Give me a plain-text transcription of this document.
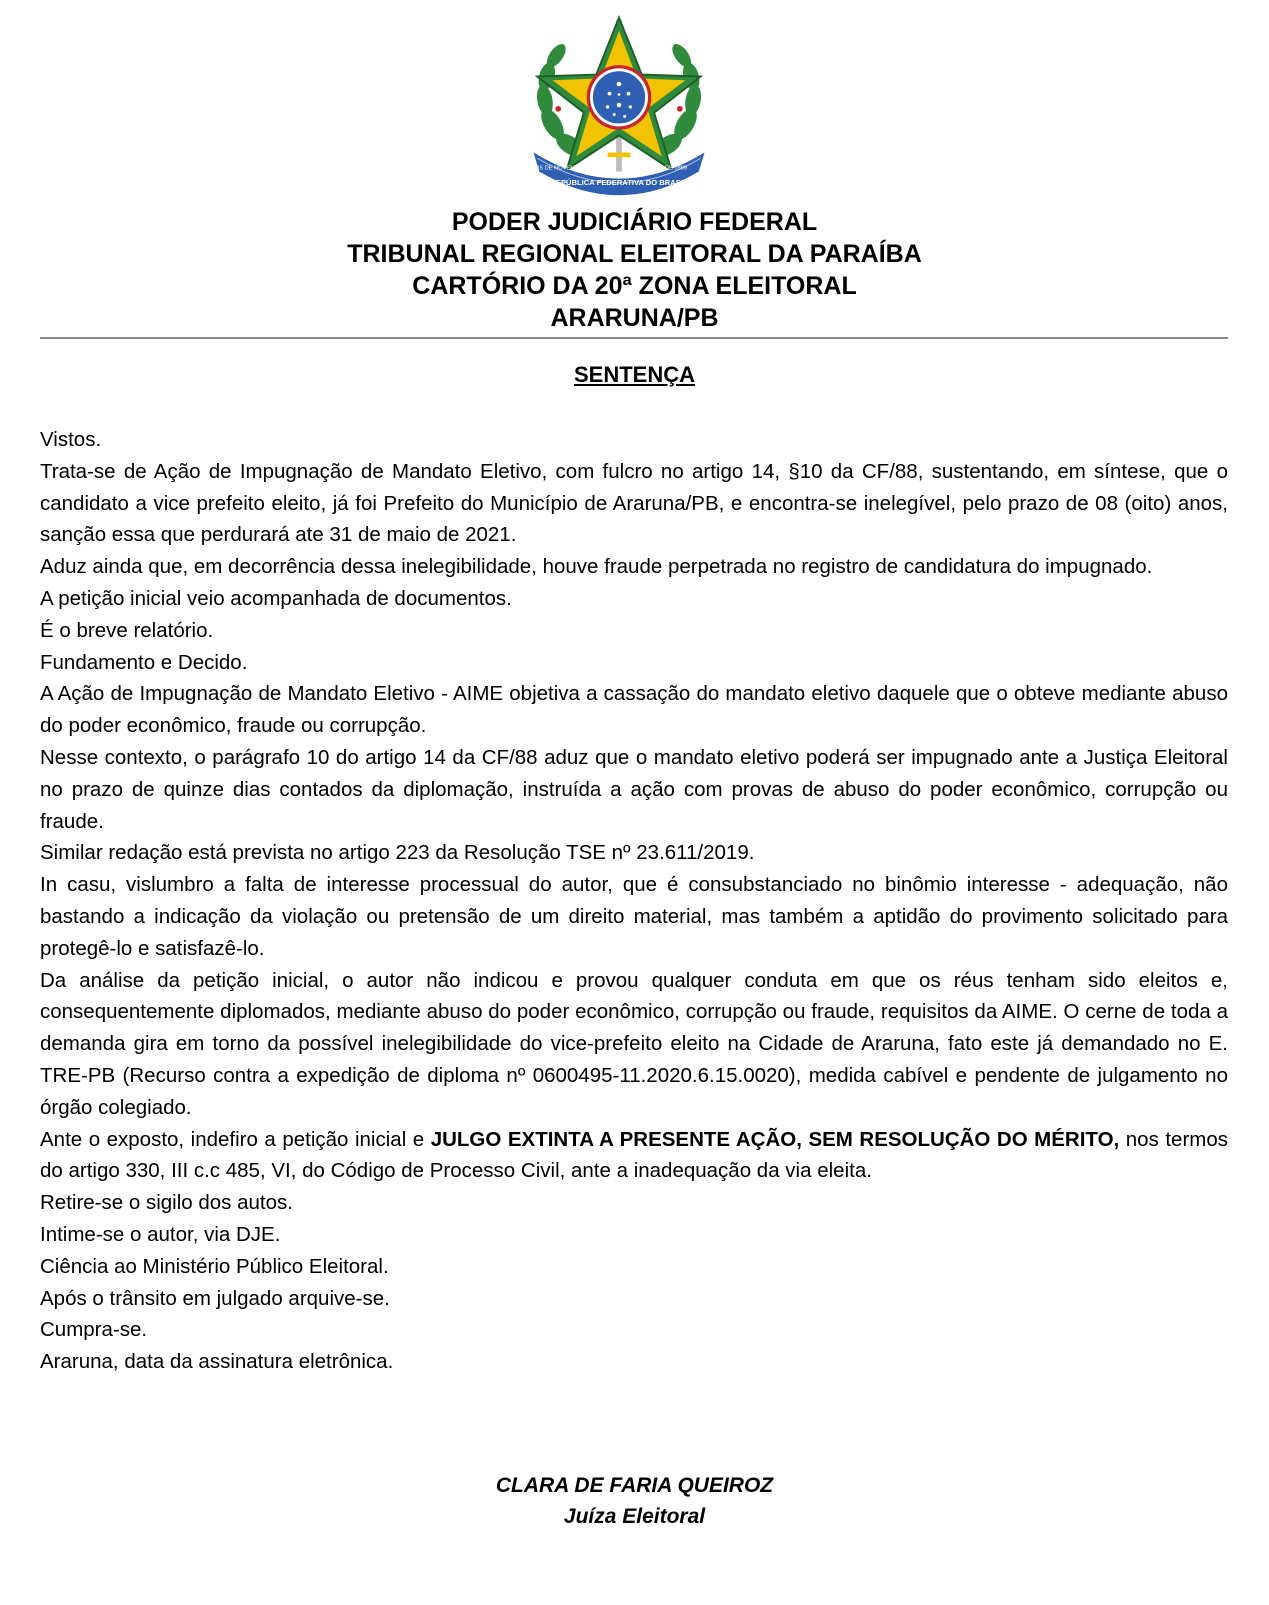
REPÚBLICA FEDERATIVA DO BRASIL
15 DE NOVEMBRO	DE 1889
PODER JUDICIÁRIO FEDERAL
TRIBUNAL REGIONAL ELEITORAL DA PARAÍBA
CARTÓRIO DA 20ª ZONA ELEITORAL
ARARUNA/PB
SENTENÇA

Vistos.

Trata-se de Ação de Impugnação de Mandato Eletivo, com fulcro no artigo 14, §10 da CF/88, sustentando, em síntese, que o candidato a vice prefeito eleito, já foi Prefeito do Município de Araruna/PB, e encontra-se inelegível, pelo prazo de 08 (oito) anos, sanção essa que perdurará ate 31 de maio de 2021.

Aduz ainda que, em decorrência dessa inelegibilidade, houve fraude perpetrada no registro de candidatura do impugnado.

A petição inicial veio acompanhada de documentos.

É o breve relatório.

Fundamento e Decido.

A Ação de Impugnação de Mandato Eletivo - AIME objetiva a cassação do mandato eletivo daquele que o obteve mediante abuso do poder econômico, fraude ou corrupção.

Nesse contexto, o parágrafo 10 do artigo 14 da CF/88 aduz que o mandato eletivo poderá ser impugnado ante a Justiça Eleitoral no prazo de quinze dias contados da diplomação, instruída a ação com provas de abuso do poder econômico, corrupção ou fraude.

Similar redação está prevista no artigo 223 da Resolução TSE nº 23.611/2019.

In casu, vislumbro a falta de interesse processual do autor, que é consubstanciado no binômio interesse - adequação, não bastando a indicação da violação ou pretensão de um direito material, mas também a aptidão do provimento solicitado para protegê-lo e satisfazê-lo.

Da análise da petição inicial, o autor não indicou e provou qualquer conduta em que os réus tenham sido eleitos e, consequentemente diplomados, mediante abuso do poder econômico, corrupção ou fraude, requisitos da AIME. O cerne de toda a demanda gira em torno da possível inelegibilidade do vice-prefeito eleito na Cidade de Araruna, fato este já demandado no E. TRE-PB (Recurso contra a expedição de diploma nº 0600495-11.2020.6.15.0020), medida cabível e pendente de julgamento no órgão colegiado.

Ante o exposto, indefiro a petição inicial e JULGO EXTINTA A PRESENTE AÇÃO, SEM RESOLUÇÃO DO MÉRITO, nos termos do artigo 330, III c.c 485, VI, do Código de Processo Civil, ante a inadequação da via eleita.

Retire-se o sigilo dos autos.

Intime-se o autor, via DJE.

Ciência ao Ministério Público Eleitoral.

Após o trânsito em julgado arquive-se.

Cumpra-se.

Araruna, data da assinatura eletrônica.

CLARA DE FARIA QUEIROZ
Juíza Eleitoral
